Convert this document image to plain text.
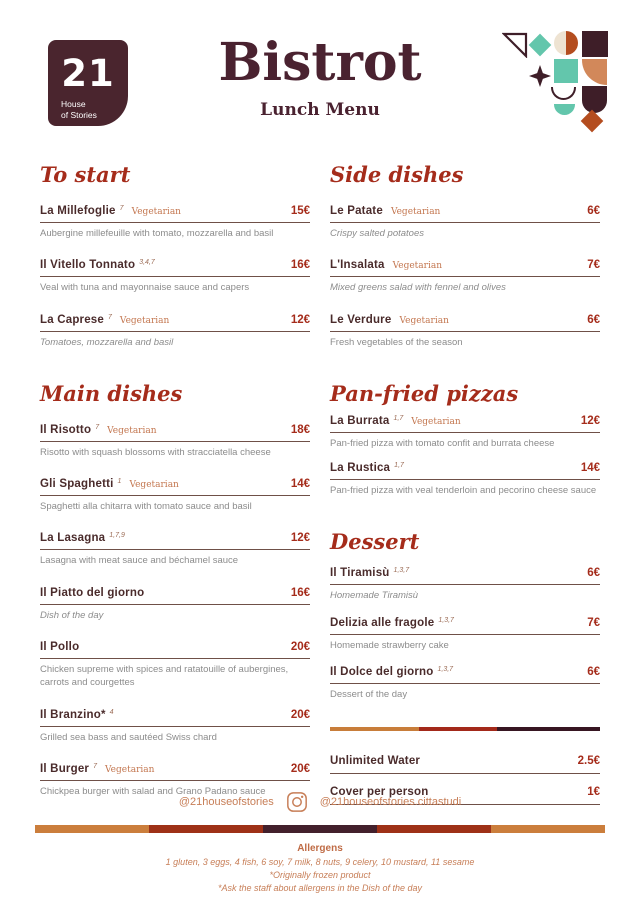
21
House
of Stories
Bistrot
Lunch Menu
To start
La Millefoglie 7 Vegetarian	15€
Aubergine millefeuille with tomato, mozzarella and basil
Il Vitello Tonnato 3,4,7	16€
Veal with tuna and mayonnaise sauce and capers
La Caprese 7 Vegetarian	12€
Tomatoes, mozzarella and basil
Main dishes
Il Risotto 7 Vegetarian	18€
Risotto with squash blossoms with stracciatella cheese
Gli Spaghetti 1 Vegetarian	14€
Spaghetti alla chitarra with tomato sauce and basil
La Lasagna 1,7,9	12€
Lasagna with meat sauce and béchamel sauce
Il Piatto del giorno	16€
Dish of the day
Il Pollo	20€
Chicken supreme with spices and ratatouille of aubergines, carrots and courgettes
Il Branzino* 4	20€
Grilled sea bass and sautéed Swiss chard
Il Burger 7 Vegetarian	20€
Chickpea burger with salad and Grano Padano sauce
Side dishes
Le Patate Vegetarian	6€
Crispy salted potatoes
L'Insalata Vegetarian	7€
Mixed greens salad with fennel and olives
Le Verdure Vegetarian	6€
Fresh vegetables of the season
Pan-fried pizzas
La Burrata 1,7 Vegetarian	12€
Pan-fried pizza with tomato confit and burrata cheese
La Rustica 1,7	14€
Pan-fried pizza with veal tenderloin and pecorino cheese sauce
Dessert
Il Tiramisù 1,3,7	6€
Homemade Tiramisù
Delizia alle fragole 1,3,7	7€
Homemade strawberry cake
Il Dolce del giorno 1,3,7	6€
Dessert of the day
Unlimited Water	2.5€
Cover per person	1€
@21houseofstories	@21houseofstories.cittastudi
Allergens
1 gluten, 3 eggs, 4 fish, 6 soy, 7 milk, 8 nuts, 9 celery, 10 mustard, 11 sesame
*Originally frozen product
*Ask the staff about allergens in the Dish of the day
